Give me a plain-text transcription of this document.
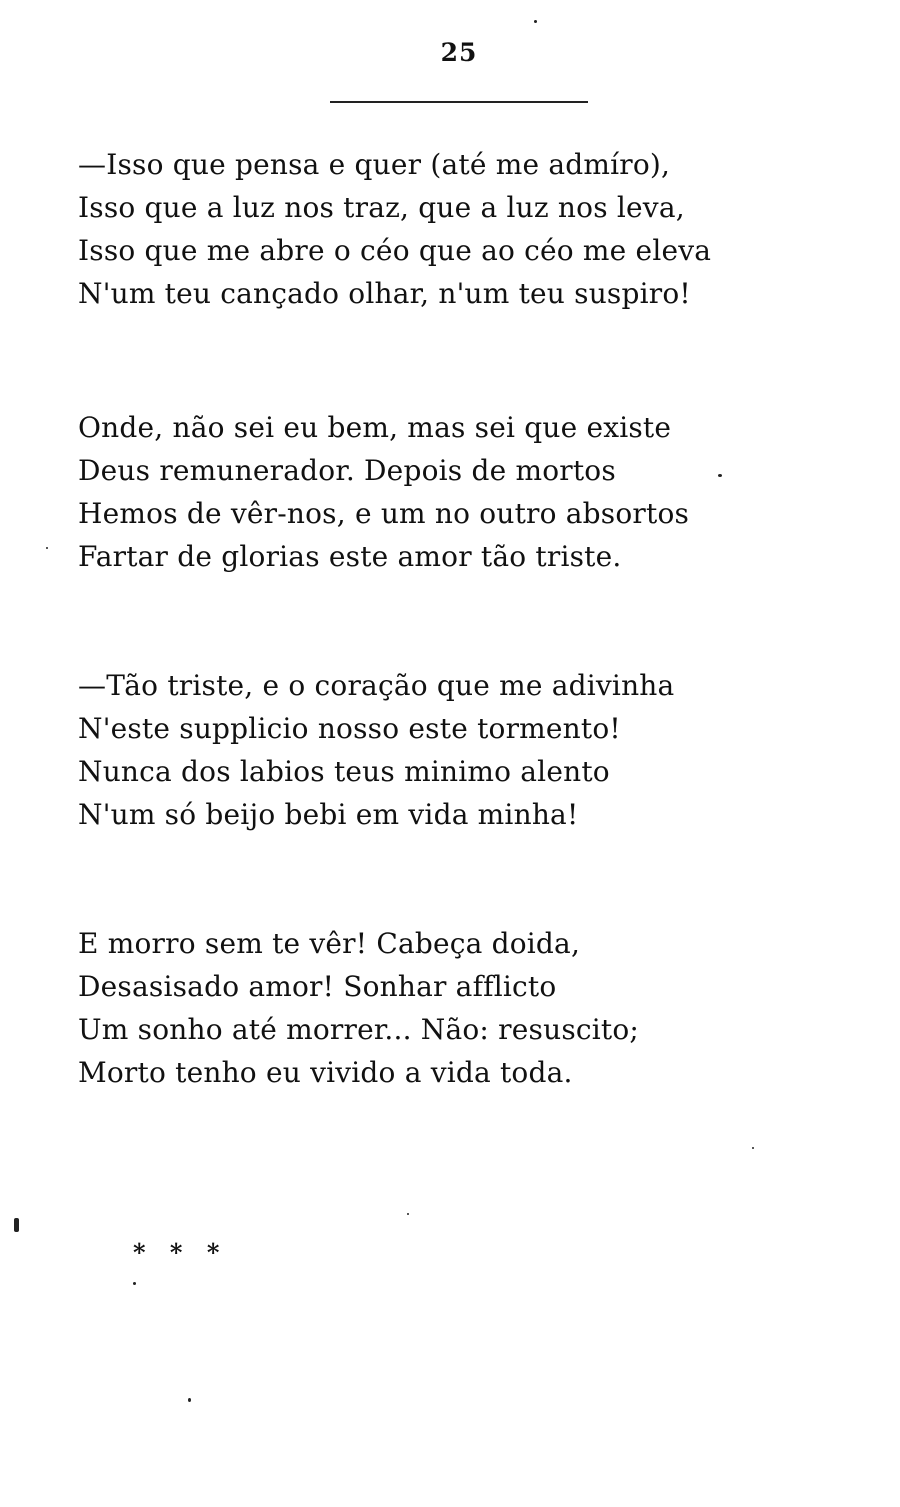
25
—Isso que pensa e quer (até me admíro),
Isso que a luz nos traz, que a luz nos leva,
Isso que me abre o céo que ao céo me eleva
N'um teu cançado olhar, n'um teu suspiro!
Onde, não sei eu bem, mas sei que existe
Deus remunerador. Depois de mortos
Hemos de vêr-nos, e um no outro absortos
Fartar de glorias este amor tão triste.
—Tão triste, e o coração que me adivinha
N'este supplicio nosso este tormento!
Nunca dos labios teus minimo alento
N'um só beijo bebi em vida minha!
E morro sem te vêr! Cabeça doida,
Desasisado amor! Sonhar afflicto
Um sonho até morrer... Não: resuscito;
Morto tenho eu vivido a vida toda.
* * *
